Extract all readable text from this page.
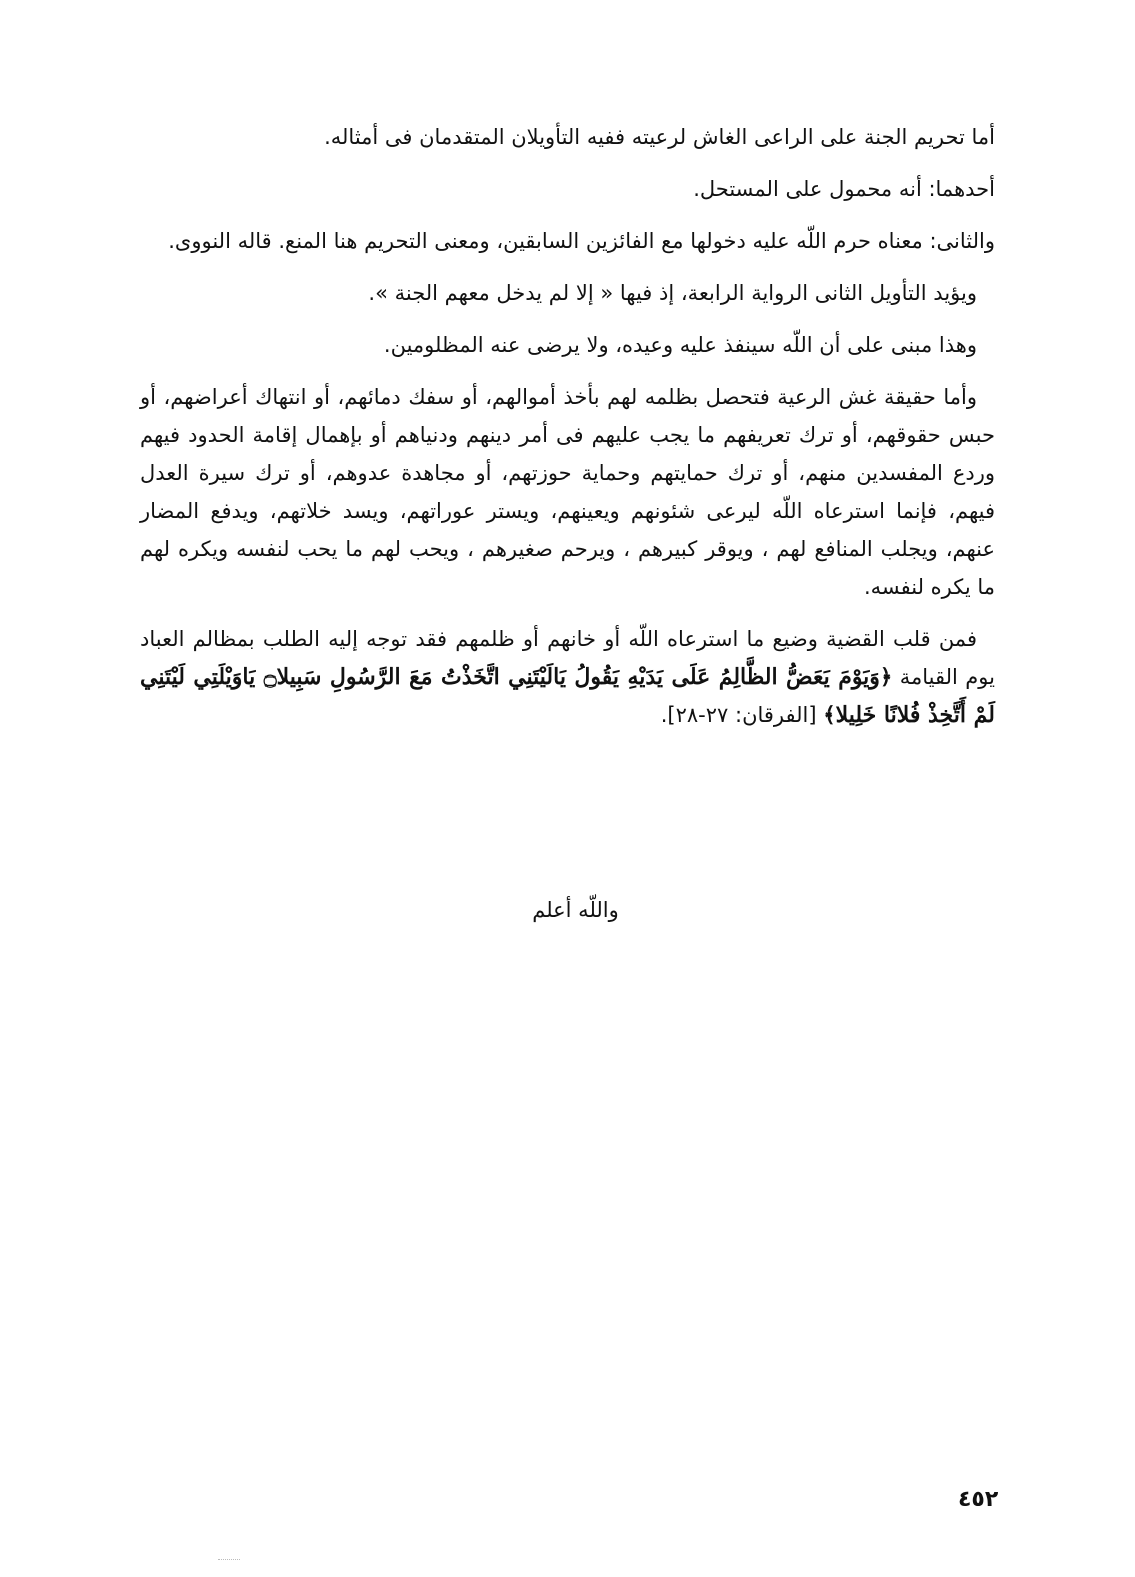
أما تحريم الجنة على الراعى الغاش لرعيته ففيه التأويلان المتقدمان فى أمثاله.

أحدهما: أنه محمول على المستحل.

والثانى: معناه حرم اللّه عليه دخولها مع الفائزين السابقين، ومعنى التحريم هنا المنع. قاله النووى.

ويؤيد التأويل الثانى الرواية الرابعة، إذ فيها « إلا لم يدخل معهم الجنة ».

وهذا مبنى على أن اللّه سينفذ عليه وعيده، ولا يرضى عنه المظلومين.

وأما حقيقة غش الرعية فتحصل بظلمه لهم بأخذ أموالهم، أو سفك دمائهم، أو انتهاك أعراضهم، أو حبس حقوقهم، أو ترك تعريفهم ما يجب عليهم فى أمر دينهم ودنياهم أو بإهمال إقامة الحدود فيهم وردع المفسدين منهم، أو ترك حمايتهم وحماية حوزتهم، أو مجاهدة عدوهم، أو ترك سيرة العدل فيهم، فإنما استرعاه اللّه ليرعى شئونهم ويعينهم، ويستر عوراتهم، ويسد خلاتهم، ويدفع المضار عنهم، ويجلب المنافع لهم ، ويوقر كبيرهم ، ويرحم صغيرهم ، ويحب لهم ما يحب لنفسه ويكره لهم ما يكره لنفسه.

فمن قلب القضية وضيع ما استرعاه اللّه أو خانهم أو ظلمهم فقد توجه إليه الطلب بمظالم العباد يوم القيامة ﴿وَيَوْمَ يَعَضُّ الظَّالِمُ عَلَى يَدَيْهِ يَقُولُ يَالَيْتَنِي اتَّخَذْتُ مَعَ الرَّسُولِ سَبِيلا۝ يَاوَيْلَتِي لَيْتَنِي لَمْ أَتَّخِذْ فُلانًا خَلِيلا﴾ [الفرقان: ٢٧-٢٨].

واللّه أعلم
٤٥٢
